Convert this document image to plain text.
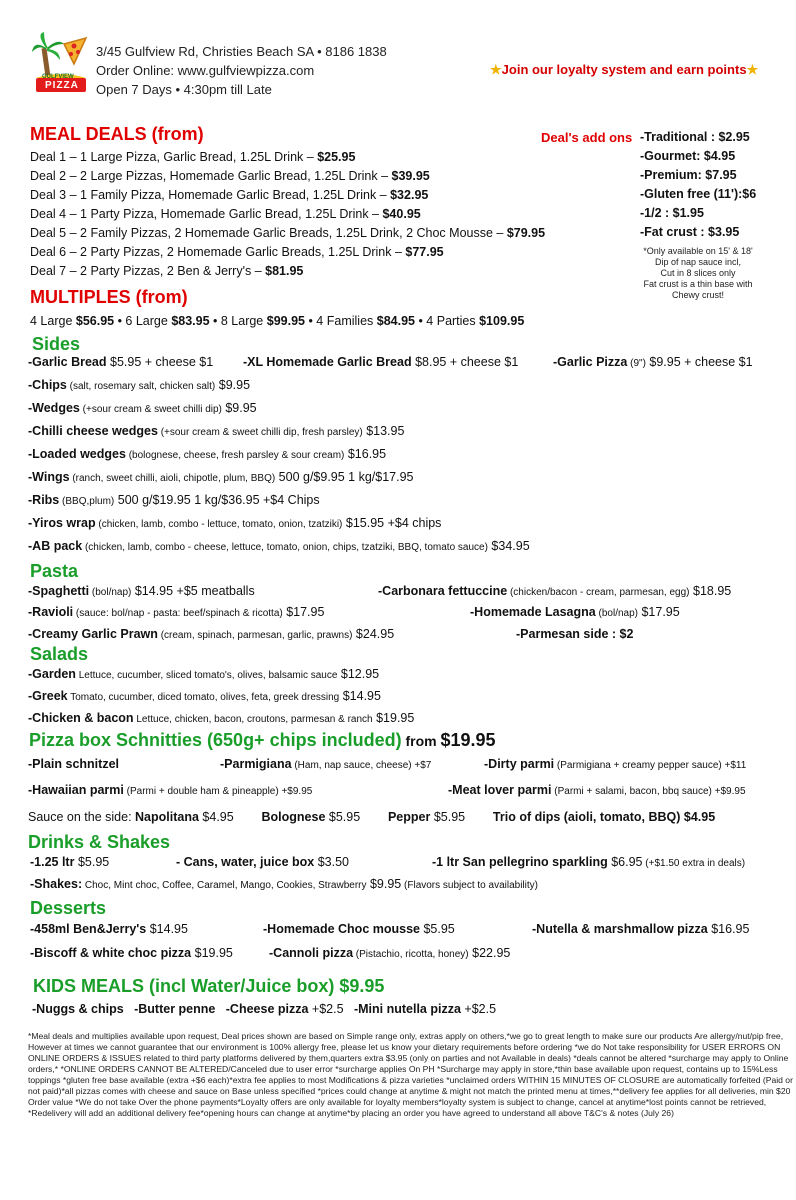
GULFVIEW
PIZZA
3/45 Gulfview Rd, Christies Beach SA • 8186 1838
Order Online: www.gulfviewpizza.com
Open 7 Days • 4:30pm till Late
★Join our loyalty system and earn points★
MEAL DEALS (from)
Deal 1 – 1 Large Pizza, Garlic Bread, 1.25L Drink – $25.95
Deal 2 – 2 Large Pizzas, Homemade Garlic Bread, 1.25L Drink – $39.95
Deal 3 – 1 Family Pizza, Homemade Garlic Bread, 1.25L Drink – $32.95
Deal 4 – 1 Party Pizza, Homemade Garlic Bread, 1.25L Drink – $40.95
Deal 5 – 2 Family Pizzas, 2 Homemade Garlic Breads, 1.25L Drink, 2 Choc Mousse – $79.95
Deal 6 – 2 Party Pizzas, 2 Homemade Garlic Breads, 1.25L Drink – $77.95
Deal 7 – 2 Party Pizzas, 2 Ben & Jerry's – $81.95
Deal's add ons -Traditional : $2.95
-Gourmet: $4.95
-Premium: $7.95
-Gluten free (11'):$6
-1/2 : $1.95
-Fat crust : $3.95
*Only available on 15' & 18'
Dip of nap sauce incl,
Cut in 8 slices only
Fat crust is a thin base with
Chewy crust!
MULTIPLES (from)
4 Large $56.95 • 6 Large $83.95 • 8 Large $99.95 • 4 Families $84.95 • 4 Parties $109.95
Sides
-Garlic Bread $5.95 + cheese $1 -XL Homemade Garlic Bread $8.95 + cheese $1	-Garlic Pizza (9") $9.95 + cheese $1
-Chips (salt, rosemary salt, chicken salt) $9.95
-Wedges (+sour cream & sweet chilli dip) $9.95
-Chilli cheese wedges (+sour cream & sweet chilli dip, fresh parsley) $13.95
-Loaded wedges (bolognese, cheese, fresh parsley & sour cream) $16.95
-Wings (ranch, sweet chilli, aioli, chipotle, plum, BBQ) 500 g/$9.95 1 kg/$17.95
-Ribs (BBQ,plum) 500 g/$19.95 1 kg/$36.95 +$4 Chips
-Yiros wrap (chicken, lamb, combo - lettuce, tomato, onion, tzatziki) $15.95 +$4 chips
-AB pack (chicken, lamb, combo - cheese, lettuce, tomato, onion, chips, tzatziki, BBQ, tomato sauce) $34.95
Pasta
-Spaghetti (bol/nap) $14.95 +$5 meatballs	-Carbonara fettuccine (chicken/bacon - cream, parmesan, egg) $18.95
-Ravioli (sauce: bol/nap - pasta: beef/spinach & ricotta) $17.95	-Homemade Lasagna (bol/nap) $17.95
-Creamy Garlic Prawn (cream, spinach, parmesan, garlic, prawns) $24.95	-Parmesan side : $2
Salads
-Garden Lettuce, cucumber, sliced tomato's, olives, balsamic sauce $12.95
-Greek Tomato, cucumber, diced tomato, olives, feta, greek dressing $14.95
-Chicken & bacon Lettuce, chicken, bacon, croutons, parmesan & ranch $19.95
Pizza box Schnitties (650g+ chips included) from $19.95
-Plain schnitzel	-Parmigiana (Ham, nap sauce, cheese) +$7	-Dirty parmi (Parmigiana + creamy pepper sauce) +$11
-Hawaiian parmi (Parmi + double ham & pineapple) +$9.95	-Meat lover parmi (Parmi + salami, bacon, bbq sauce) +$9.95
Sauce on the side: Napolitana $4.95 Bolognese $5.95 Pepper $5.95 Trio of dips (aioli, tomato, BBQ) $4.95
Drinks & Shakes
-1.25 ltr $5.95	- Cans, water, juice box $3.50	-1 ltr San pellegrino sparkling $6.95 (+$1.50 extra in deals)
-Shakes: Choc, Mint choc, Coffee, Caramel, Mango, Cookies, Strawberry $9.95 (Flavors subject to availability)
Desserts
-458ml Ben&Jerry's $14.95	-Homemade Choc mousse $5.95	-Nutella & marshmallow pizza $16.95
-Biscoff & white choc pizza $19.95	-Cannoli pizza (Pistachio, ricotta, honey) $22.95
KIDS MEALS (incl Water/Juice box) $9.95
-Nuggs & chips -Butter penne -Cheese pizza +$2.5 -Mini nutella pizza +$2.5
*Meal deals and multiplies available upon request, Deal prices shown are based on Simple range only, extras apply on others,*we go to great length to make sure our products Are allergy/nut/pip free, However at times we cannot guarantee that our environment is 100% allergy free, please let us know your dietary requirements before ordering *we do Not take responsibility for USER ERRORS ON ONLINE ORDERS & ISSUES related to third party platforms delivered by them,quarters extra $3.95 (only on parties and not Available in deals) *deals cannot be altered *surcharge may apply to Online orders,* *ONLINE ORDERS CANNOT BE ALTERED/Canceled due to user error *surcharge applies On PH *Surcharge may apply in store,*thin base available upon request, contains up to 15%Less toppings *gluten free base available (extra +$6 each)*extra fee applies to most Modifications & pizza varieties *unclaimed orders WITHIN 15 MINUTES OF CLOSURE are automatically forfeited (Paid or not paid)*all pizzas comes with cheese and sauce on Base unless specified *prices could change at anytime & might not match the printed menu at times,**delivery fee applies for all deliveries, min $20 Order value *We do not take Over the phone payments*Loyalty offers are only available for loyalty members*loyalty system is subject to change, cancel at anytime*lost points cannot be retrieved, *Redelivery will add an additional delivery fee*opening hours can change at anytime*by placing an order you have agreed to understand all above T&C's & notes (July 26)
